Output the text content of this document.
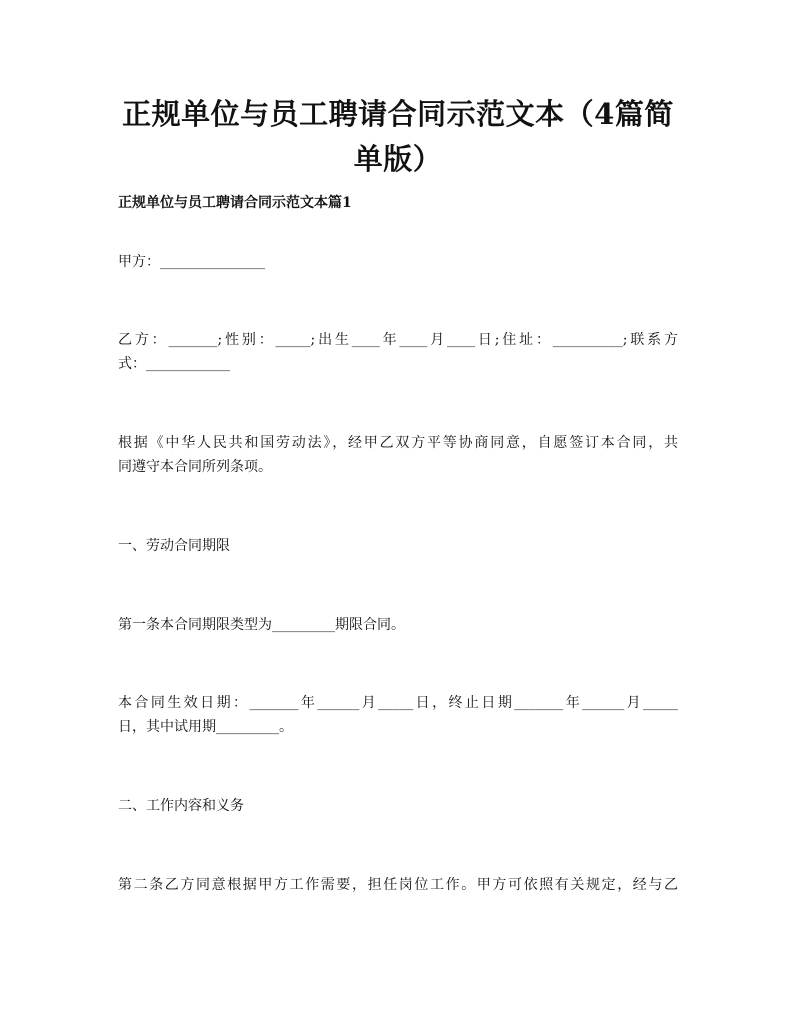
正规单位与员工聘请合同示范文本（4篇简
单版）
正规单位与员工聘请合同示范文本篇1
甲方：_______________
乙方：_______;性别：_____;出生____年____月____日;住址：__________;联系方
式：____________
根据《中华人民共和国劳动法》，经甲乙双方平等协商同意，自愿签订本合同，共
同遵守本合同所列条项。
一、劳动合同期限
第一条本合同期限类型为_________期限合同。
本合同生效日期：_______年______月_____日，终止日期_______年______月_____
日，其中试用期_________。
二、工作内容和义务
第二条乙方同意根据甲方工作需要，担任岗位工作。甲方可依照有关规定，经与乙
